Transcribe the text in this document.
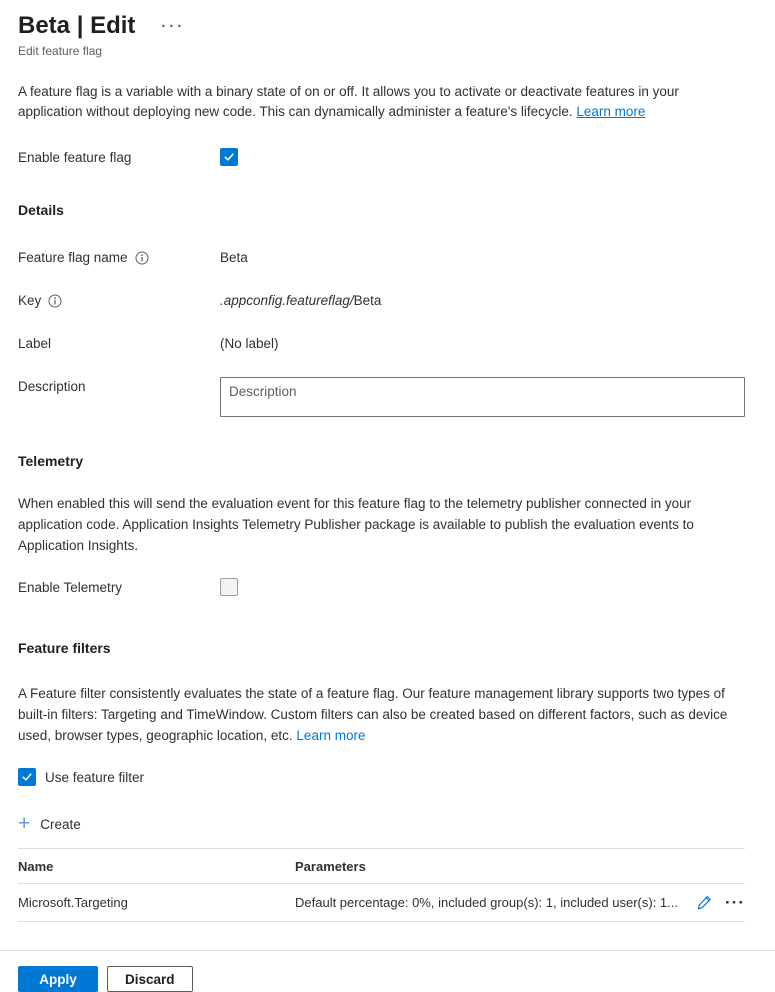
Beta | Edit ···
Edit feature flag

A feature flag is a variable with a binary state of on or off. It allows you to activate or deactivate features in your application without deploying new code. This can dynamically administer a feature's lifecycle. Learn more

Enable feature flag
Details
Feature flag name	Beta
Key	.appconfig.featureflag/Beta
Label	(No label)
Description
Description
Telemetry

When enabled this will send the evaluation event for this feature flag to the telemetry publisher connected in your application code. Application Insights Telemetry Publisher package is available to publish the evaluation events to Application Insights.

Enable Telemetry
Feature filters

A Feature filter consistently evaluates the state of a feature flag. Our feature management library supports two types of built-in filters: Targeting and TimeWindow. Custom filters can also be created based on different factors, such as device used, browser types, geographic location, etc. Learn more

Use feature filter
+ Create
Name	Parameters
Microsoft.Targeting	Default percentage: 0%, included group(s): 1, included user(s): 1...	···
Apply	Discard
